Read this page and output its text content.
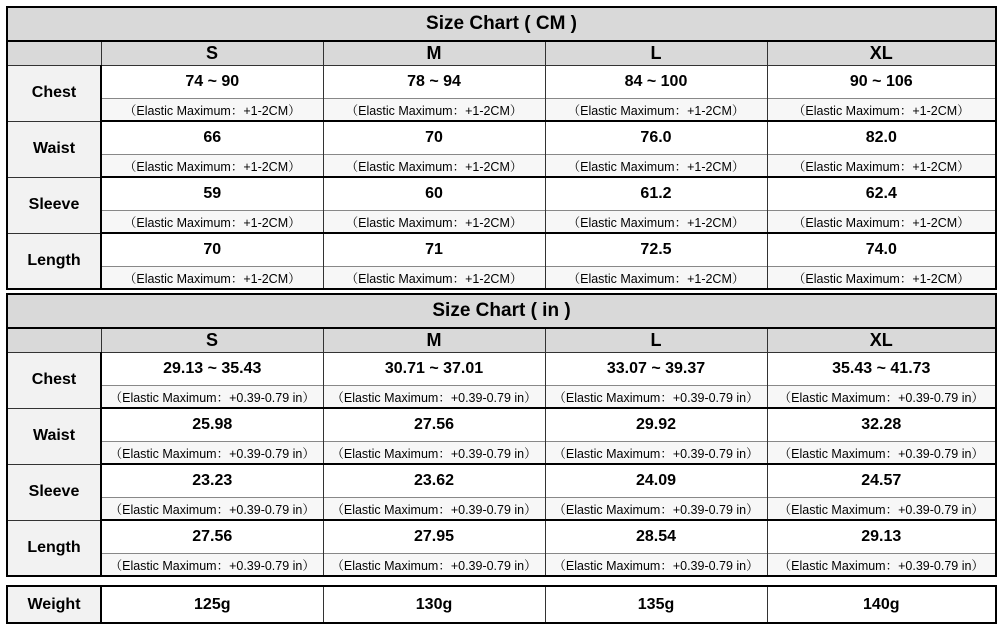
Size Chart ( CM )				
	S	M	L	XL
Chest	74 ~ 90	78 ~ 94	84 ~ 100	90 ~ 106
	（Elastic Maximum：+1-2CM）	（Elastic Maximum：+1-2CM）	（Elastic Maximum：+1-2CM）	（Elastic Maximum：+1-2CM）
Waist	66	70	76.0	82.0
	（Elastic Maximum：+1-2CM）	（Elastic Maximum：+1-2CM）	（Elastic Maximum：+1-2CM）	（Elastic Maximum：+1-2CM）
Sleeve	59	60	61.2	62.4
	（Elastic Maximum：+1-2CM）	（Elastic Maximum：+1-2CM）	（Elastic Maximum：+1-2CM）	（Elastic Maximum：+1-2CM）
Length	70	71	72.5	74.0
	（Elastic Maximum：+1-2CM）	（Elastic Maximum：+1-2CM）	（Elastic Maximum：+1-2CM）	（Elastic Maximum：+1-2CM）
Size Chart ( in )				
	S	M	L	XL
Chest	29.13 ~ 35.43	30.71 ~ 37.01	33.07 ~ 39.37	35.43 ~ 41.73
	（Elastic Maximum：+0.39-0.79 in）	（Elastic Maximum：+0.39-0.79 in）	（Elastic Maximum：+0.39-0.79 in）	（Elastic Maximum：+0.39-0.79 in）
Waist	25.98	27.56	29.92	32.28
	（Elastic Maximum：+0.39-0.79 in）	（Elastic Maximum：+0.39-0.79 in）	（Elastic Maximum：+0.39-0.79 in）	（Elastic Maximum：+0.39-0.79 in）
Sleeve	23.23	23.62	24.09	24.57
	（Elastic Maximum：+0.39-0.79 in）	（Elastic Maximum：+0.39-0.79 in）	（Elastic Maximum：+0.39-0.79 in）	（Elastic Maximum：+0.39-0.79 in）
Length	27.56	27.95	28.54	29.13
	（Elastic Maximum：+0.39-0.79 in）	（Elastic Maximum：+0.39-0.79 in）	（Elastic Maximum：+0.39-0.79 in）	（Elastic Maximum：+0.39-0.79 in）
Weight	125g	130g	135g	140g
